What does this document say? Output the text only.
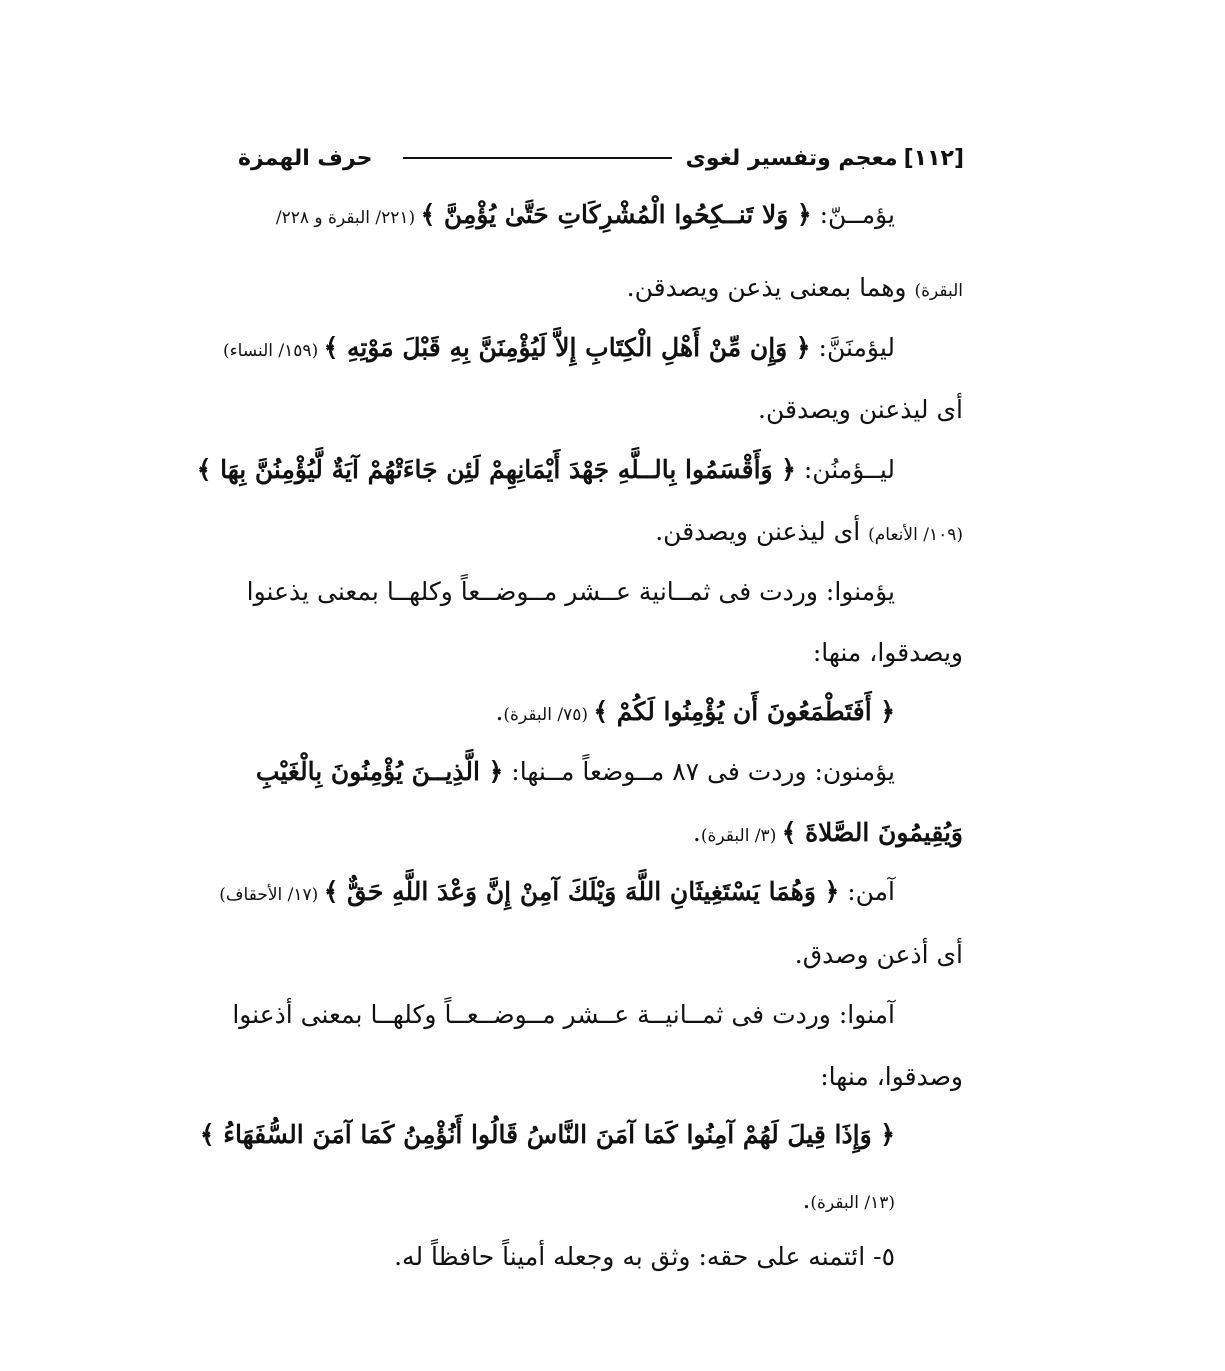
[١١٢]
معجم وتفسير لغوى
حرف الهمزة
يؤمــنّ: ﴿ وَلا تَنــكِحُوا الْمُشْرِكَاتِ حَتَّىٰ يُؤْمِنَّ ﴾ (٢٢١/ البقرة و ٢٢٨/
البقرة) وهما بمعنى يذعن ويصدقن.
ليؤمنَنَّ: ﴿ وَإِن مِّنْ أَهْلِ الْكِتَابِ إِلاَّ لَيُؤْمِنَنَّ بِهِ قَبْلَ مَوْتِهِ ﴾ (١٥٩/ النساء)
أى ليذعنن ويصدقن.
ليــؤمنُن: ﴿ وَأَقْسَمُوا بِالــلَّهِ جَهْدَ أَيْمَانِهِمْ لَئِن جَاءَتْهُمْ آيَةٌ لَّيُؤْمِنُنَّ بِهَا ﴾
(١٠٩/ الأنعام) أى ليذعنن ويصدقن.
يؤمنوا: وردت فى ثمــانية عــشر مــوضــعاً وكلهــا بمعنى يذعنوا
ويصدقوا، منها:
﴿ أَفَتَطْمَعُونَ أَن يُؤْمِنُوا لَكُمْ ﴾ (٧٥/ البقرة).
يؤمنون: وردت فى ٨٧ مــوضعاً مــنها: ﴿ الَّذِيــنَ يُؤْمِنُونَ بِالْغَيْبِ
وَيُقِيمُونَ الصَّلاةَ ﴾ (٣/ البقرة).
آمن: ﴿ وَهُمَا يَسْتَغِيثَانِ اللَّهَ وَيْلَكَ آمِنْ إِنَّ وَعْدَ اللَّهِ حَقٌّ ﴾ (١٧/ الأحقاف)
أى أذعن وصدق.
آمنوا: وردت فى ثمــانيــة عــشر مــوضــعــاً وكلهــا بمعنى أذعنوا
وصدقوا، منها:
﴿ وَإِذَا قِيلَ لَهُمْ آمِنُوا كَمَا آمَنَ النَّاسُ قَالُوا أَنُؤْمِنُ كَمَا آمَنَ السُّفَهَاءُ ﴾
(١٣/ البقرة).
٥- ائتمنه على حقه: وثق به وجعله أميناً حافظاً له.
